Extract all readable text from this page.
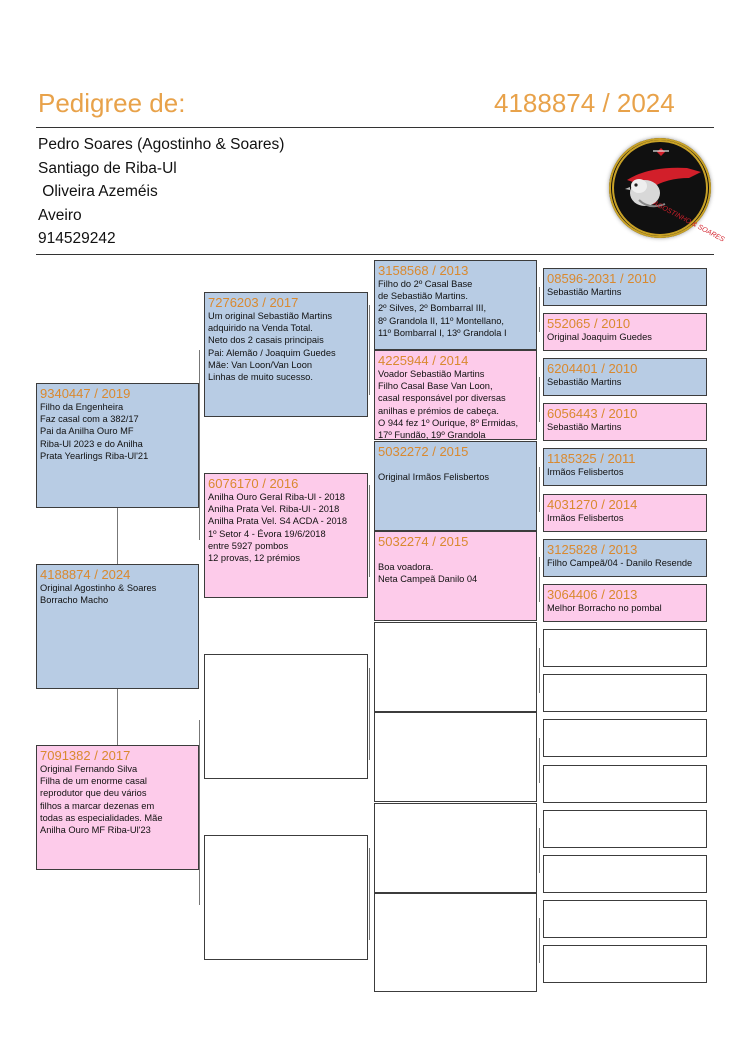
Pedigree de:	4188874 / 2024
Pedro Soares (Agostinho & Soares)
Santiago de Riba-Ul
Oliveira Azeméis
Aveiro
914529242	AGOSTINHO & SOARES
9340447 / 2019
Filho da Engenheira
Faz casal com a 382/17
Pai da Anilha Ouro MF
Riba-Ul 2023 e do Anilha
Prata Yearlings Riba-Ul'21
4188874 / 2024
Original Agostinho & Soares
Borracho Macho
7091382 / 2017
Original Fernando Silva
Filha de um enorme casal
reprodutor que deu vários
filhos a marcar dezenas em
todas as especialidades. Mãe
Anilha Ouro MF Riba-Ul'23
7276203 / 2017
Um original Sebastião Martins
adquirido na Venda Total.
Neto dos 2 casais principais
Pai: Alemão / Joaquim Guedes
Mãe: Van Loon/Van Loon
Linhas de muito sucesso.
6076170 / 2016
Anilha Ouro Geral Riba-Ul - 2018
Anilha Prata Vel. Riba-Ul - 2018
Anilha Prata Vel. S4 ACDA - 2018
1º Setor 4 - Évora 19/6/2018
entre 5927 pombos
12 provas, 12 prémios
3158568 / 2013
Filho do 2º Casal Base
de Sebastião Martins.
2º Silves, 2º Bombarral III,
8º Grandola II, 11º Montellano,
11º Bombarral I, 13º Grandola I
4225944 / 2014
Voador Sebastião Martins
Filho Casal Base Van Loon,
casal responsável por diversas
anilhas e prémios de cabeça.
O 944 fez 1º Ourique, 8º Ermidas,
17º Fundão, 19º Grandola
5032272 / 2015

Original Irmãos Felisbertos
5032274 / 2015

Boa voadora.
Neta Campeã Danilo 04
08596-2031 / 2010
Sebastião Martins
552065 / 2010
Original Joaquim Guedes
6204401 / 2010
Sebastião Martins
6056443 / 2010
Sebastião Martins
1185325 / 2011
Irmãos Felisbertos
4031270 / 2014
Irmãos Felisbertos
3125828 / 2013
Filho Campeã/04 - Danilo Resende
3064406 / 2013
Melhor Borracho no pombal
